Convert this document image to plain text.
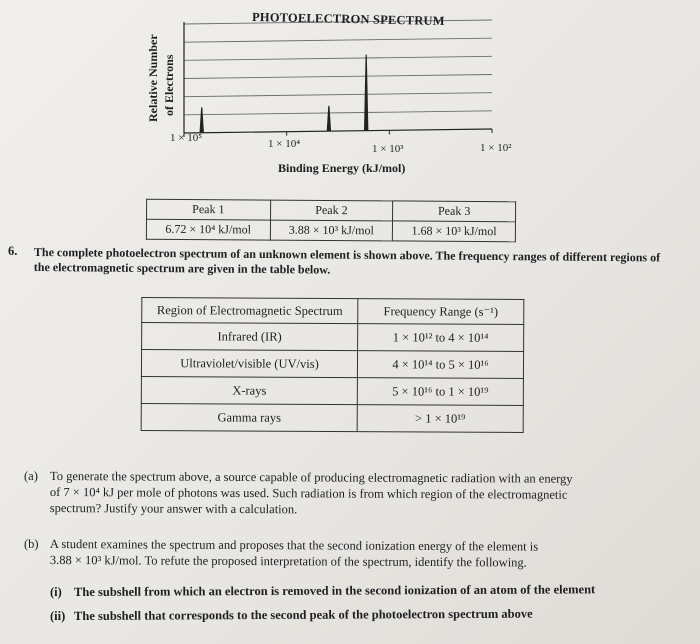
PHOTOELECTRON SPECTRUM
Relative Number of Electrons
1 × 10⁵	1 × 10⁴	1 × 10³	1 × 10²
Binding Energy (kJ/mol)
Peak 1	Peak 2	Peak 3
6.72 × 10⁴ kJ/mol	3.88 × 10³ kJ/mol	1.68 × 10³ kJ/mol
6. The complete photoelectron spectrum of an unknown element is shown above. The frequency ranges of different regions of the electromagnetic spectrum are given in the table below.
Region of Electromagnetic Spectrum	Frequency Range (s⁻¹)
Infrared (IR)	1 × 10¹² to 4 × 10¹⁴
Ultraviolet/visible (UV/vis)	4 × 10¹⁴ to 5 × 10¹⁶
X-rays	5 × 10¹⁶ to 1 × 10¹⁹
Gamma rays	> 1 × 10¹⁹
(a) To generate the spectrum above, a source capable of producing electromagnetic radiation with an energy
of 7 × 10⁴ kJ per mole of photons was used. Such radiation is from which region of the electromagnetic
spectrum? Justify your answer with a calculation.
(b) A student examines the spectrum and proposes that the second ionization energy of the element is
3.88 × 10³ kJ/mol. To refute the proposed interpretation of the spectrum, identify the following.
(i) The subshell from which an electron is removed in the second ionization of an atom of the element
(ii) The subshell that corresponds to the second peak of the photoelectron spectrum above
